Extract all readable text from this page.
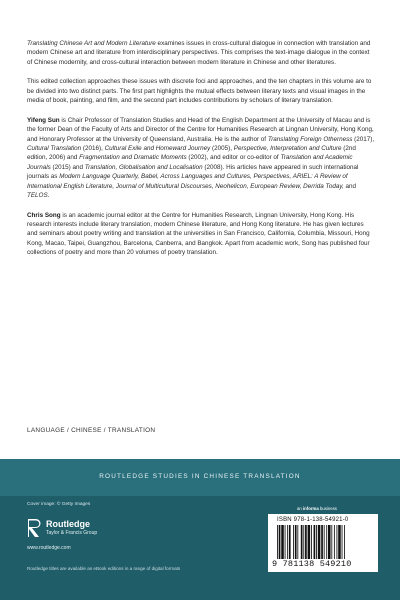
Translating Chinese Art and Modern Literature examines issues in cross-cultural dialogue in connection with translation and modern Chinese art and literature from interdisciplinary perspectives. This comprises the text-image dialogue in the context of Chinese modernity, and cross-cultural interaction between modern literature in Chinese and other literatures.

This edited collection approaches these issues with discrete foci and approaches, and the ten chapters in this volume are to be divided into two distinct parts. The first part highlights the mutual effects between literary texts and visual images in the media of book, painting, and film, and the second part includes contributions by scholars of literary translation.

Yifeng Sun is Chair Professor of Translation Studies and Head of the English Department at the University of Macau and is the former Dean of the Faculty of Arts and Director of the Centre for Humanities Research at Lingnan University, Hong Kong, and Honorary Professor at the University of Queensland, Australia. He is the author of Translating Foreign Otherness (2017), Cultural Translation (2016), Cultural Exile and Homeward Journey (2005), Perspective, Interpretation and Culture (2nd edition, 2006) and Fragmentation and Dramatic Moments (2002), and editor or co-editor of Translation and Academic Journals (2015) and Translation, Globalisation and Localisation (2008). His articles have appeared in such international journals as Modern Language Quarterly, Babel, Across Languages and Cultures, Perspectives, ARIEL: A Review of International English Literature, Journal of Multicultural Discourses, Neohelicon, European Review, Derrida Today, and TELOS.

Chris Song is an academic journal editor at the Centre for Humanities Research, Lingnan University, Hong Kong. His research interests include literary translation, modern Chinese literature, and Hong Kong literature. He has given lectures and seminars about poetry writing and translation at the universities in San Francisco, California, Columbia, Missouri, Hong Kong, Macao, Taipei, Guangzhou, Barcelona, Canberra, and Bangkok. Apart from academic work, Song has published four collections of poetry and more than 20 volumes of poetry translation.

LANGUAGE / CHINESE / TRANSLATION
ROUTLEDGE STUDIES IN CHINESE TRANSLATION
Cover image: © Getty Images
Routledge
Taylor & Francis Group
www.routledge.com
Routledge titles are available as eBook editions in a range of digital formats
an informa business
ISBN 978-1-138-54921-0
9 781138 549210
